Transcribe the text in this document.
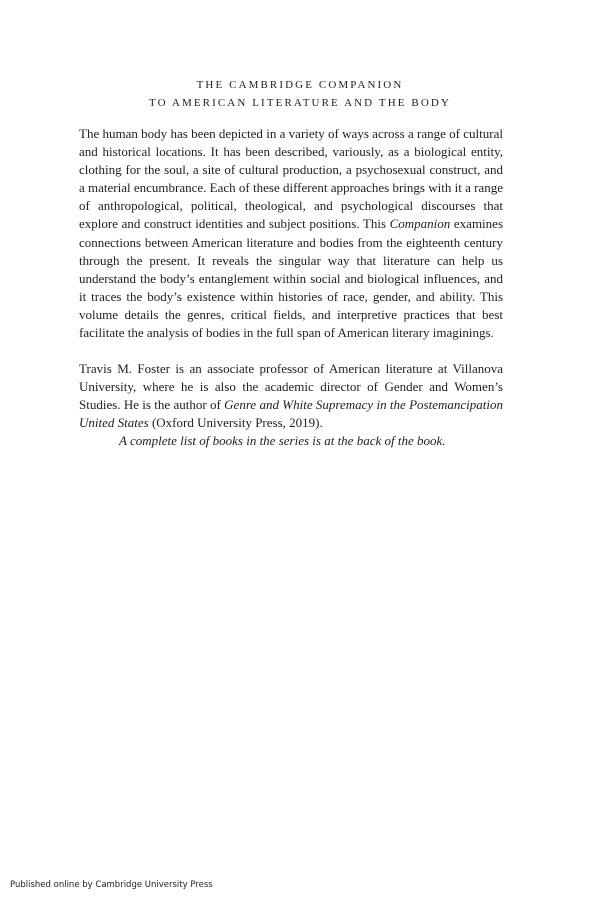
THE CAMBRIDGE COMPANION
TO AMERICAN LITERATURE AND THE BODY

The human body has been depicted in a variety of ways across a range of cultural and historical locations. It has been described, variously, as a biological entity, clothing for the soul, a site of cultural production, a psychosexual construct, and a material encumbrance. Each of these different approaches brings with it a range of anthropological, political, theological, and psychological discourses that explore and construct identities and subject positions. This Companion examines connections between American literature and bodies from the eighteenth century through the present. It reveals the singular way that literature can help us understand the body’s entanglement within social and biological influences, and it traces the body’s existence within histories of race, gender, and ability. This volume details the genres, critical fields, and interpretive practices that best facilitate the analysis of bodies in the full span of American literary imaginings.

Travis M. Foster is an associate professor of American literature at Villanova University, where he is also the academic director of Gender and Women’s Studies. He is the author of Genre and White Supremacy in the Postemancipation United States (Oxford University Press, 2019).

A complete list of books in the series is at the back of the book.

Published online by Cambridge University Press
